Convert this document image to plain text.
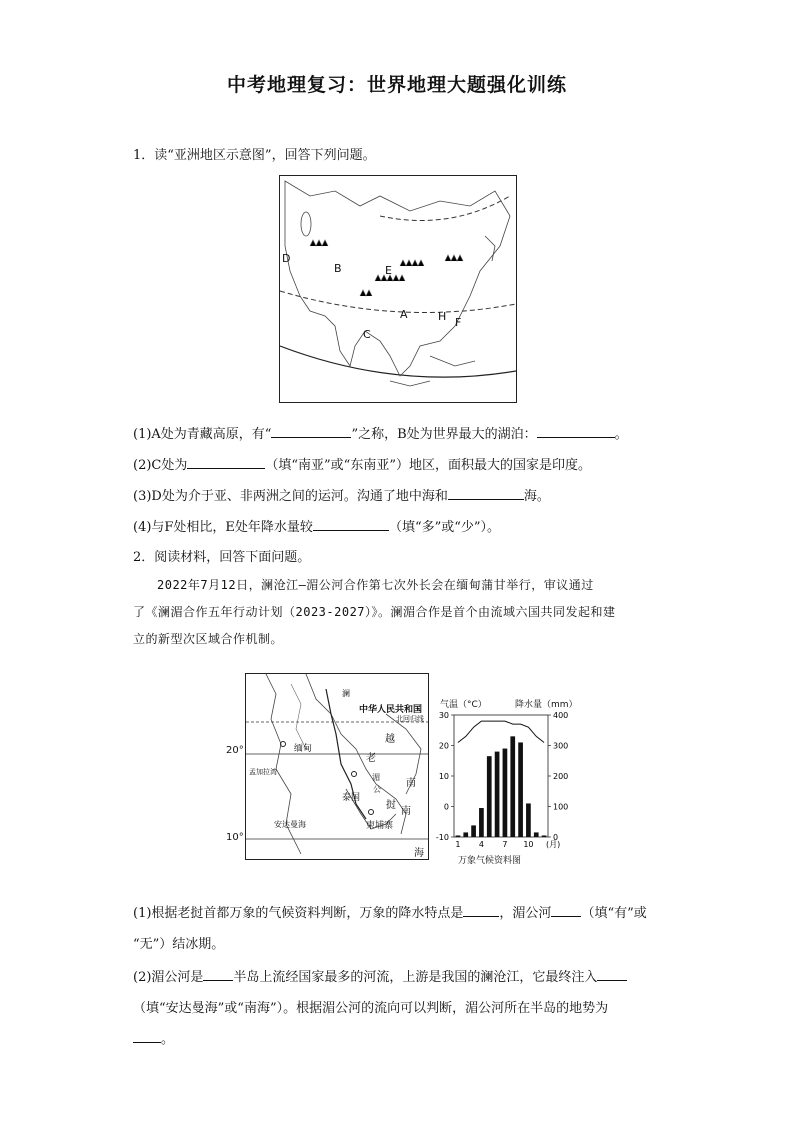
中考地理复习：世界地理大题强化训练
1．读“亚洲地区示意图”，回答下列问题。
D
B	E
A	H F
C
(1)A处为青藏高原，有“	”之称，B处为世界最大的湖泊：	。
(2)C处为	（填“南亚”或“东南亚”）地区，面积最大的国家是印度。
(3)D处为介于亚、非两洲之间的运河。沟通了地中海和	海。
(4)与F处相比，E处年降水量较	（填“多”或“少”）。
2．阅读材料，回答下面问题。
2022年7月12日，澜沧江—湄公河合作第七次外长会在缅甸蒲甘举行，审议通过
了《澜湄合作五年行动计划（2023-2027）》。澜湄合作是首个由流域六国共同发起和建
立的新型次区域合作机制。
中华人民共和国
北回归线
缅甸
老
越
南
挝
泰国
柬埔寨
孟加拉湾
安达曼海
南
海
湄
公
澜
20°
10°
气温（°C）	降水量（mm）
30
20
10
0
-10
400
300
200
100
0
1 4 7 10 (月)
万象气候资料图
(1)根据老挝首都万象的气候资料判断，万象的降水特点是	，湄公河 （填“有”或
“无”）结冰期。
(2)湄公河是 半岛上流经国家最多的河流，上游是我国的澜沧江，它最终注入
（填“安达曼海”或“南海”）。根据湄公河的流向可以判断，湄公河所在半岛的地势为
。
